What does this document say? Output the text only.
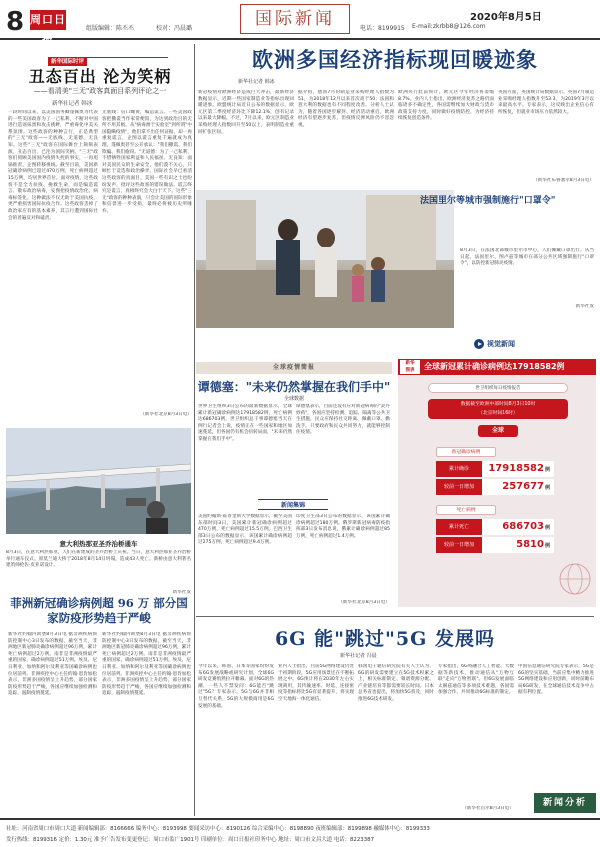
8 周口日报
组版编辑：陈丕丕	校对：冯晨璐	国际新闻	电话：8199915 E-mail:zkrbb8@126.com
2020年8月5日
新华国际时评
丑态百出 沦为笑柄
——看清美"三无"政客真面目系列评论之一
新华社记者 韩冰
一段时间以来，以美国国务卿蓬佩奥为代表的一些美国政客为了一己私利，不断对中国进行造谣抹黑和攻击挑衅，严重毒化中美关系氛围。这些政客的种种言行，正是典型的"三无"政客——无底线、无道德、无良知。这些"三无"政客在国际舞台上频频表演，丑态百出，已沦为国际笑柄。"三无"政客们罔顾美国国内疫情失控的事实，一再甩锅推责，企图转移视线。截至目前，美国新冠确诊病例已超过470万例，死亡病例超过15万例，均居世界首位。面对疫情，这些政客不是全力抗疫、挽救生命，而是编造谎言、散布政治病毒，妄图把疫情政治化、病毒标签化。这种做法不仅无助于美国抗疫，更严重损害国际抗疫合作。这些政客丢掉了政治家应有的基本素养，其言行遭到国际社会的普遍反对和谴责。
无底线：信口雌黄，编造谎言。一些美国政客把撒谎当作家常便饭，为达到政治目的无所不用其极。从"病毒源于实验室"到所谓"中国隐瞒疫情"，他们拿不出任何证据，却一再重复谎言，企图以谎言重复千遍就成为真理。蓬佩奥甚至公开承认："我们撒谎、我们欺骗、我们偷窃。"无道德：为了一己私利，不惜牺牲国家利益和人民福祉。无良知：面对美国民众的生命安全，他们漠不关心，只顾忙于竞选和政治操弄。国际社会早已看清这些政客的真面目。美国一些有识之士也纷纷发声，批评这些政客的错误做法。谎言终究是谎言，真相终究会大白于天下。这些"三无"政客的种种表演，只会让美国的国际形象和信誉进一步受损，最终必将被历史所唾弃。
（新华社北京8月3日电）
意大利热那亚圣乔治桥通车
8月3日，在意大利热那亚，人们在新建成的圣乔治桥上庆祝。当日，意大利热那亚圣乔治桥举行通车仪式。原莫兰迪大桥于2018年8月14日坍塌，造成43人死亡。新桥由意大利著名建筑师伦佐·皮亚诺设计。
新华社发
菲洲新冠确诊病例超 96 万 部分国家防疫形势趋于严峻
新华社约翰内斯堡8月3日电 据非洲疾病预防控制中心3日发布的数据，截至当天，非洲地区新冠肺炎确诊病例超过96万例，累计死亡病例超过2万例。南非是非洲疫情最严重的国家，确诊病例超过51万例。埃及、尼日利亚、加纳和阿尔及利亚等国确诊病例也位居前列。非洲疾控中心主任约翰·恩肯加松表示，非洲多国疫情呈上升趋势，部分国家防疫形势趋于严峻，各国应继续加强检测和追踪，遏制疫情蔓延。
新华社约翰内斯堡8月3日电 据非洲疾病预防控制中心3日发布的数据，截至当天，非洲地区新冠肺炎确诊病例超过96万例，累计死亡病例超过2万例。南非是非洲疫情最严重的国家，确诊病例超过51万例。埃及、尼日利亚、加纳和阿尔及利亚等国确诊病例也位居前列。非洲疾控中心主任约翰·恩肯加松表示，非洲多国疫情呈上升趋势，部分国家防疫形势趋于严峻，各国应继续加强检测和追踪，遏制疫情蔓延。
欧洲多国经济指标现回暖迹象
新华社记者 韩冰
新冠疫情对欧洲经济造成巨大冲击，最新经济数据显示，近期一些国家制造业等指标出现回暖迹象。欧盟统计局近日公布的数据显示，欧元区第二季度经济环比下降12.1%，创有记录以来最大降幅。不过，7月以来，欧元区制造业采购经理人指数回升至50以上，表明制造业重回扩张区间。
据介绍，德国7月份制造业采购经理人指数为51，为2018年12月以来首次高于50；法国和意大利的数据也有不同程度改善。分析人士认为，随着各国逐步解封、经济活动重启，欧洲经济有望逐步复苏，但疫情反弹风险仍不容忽视。
欧洲央行此前预计，欧元区今年经济将萎缩8.7%。业内人士指出，欧洲经济复苏之路仍面临诸多不确定性，各国需继续加大财政与货币政策支持力度，同时做好疫情防控，为经济持续恢复创造条件。
英国方面，英国统计局数据显示，英国7月制造业采购经理人指数升至53.3，为2019年3月以来最高水平。专家表示，这反映出企业信心有所恢复，但就业市场压力依然较大。
（新华社布鲁塞尔8月3日电）
法国里尔等城市强制施行"口罩令"
8月3日，在法国北部城市里尔市中心，人们佩戴口罩出行。从当日起，法国里尔、图卢兹等城市在部分公共区域强制施行"口罩令"，以防控新冠肺炎疫情。
新华社发
视觉新闻
全球疫情简报
谭德塞："未来仍然掌握在我们手中"
全球数据
世界卫生组织3日公布的最新数据显示，全球累计新冠确诊病例达17918582例，死亡病例达686703例。世卫组织总干事谭德塞当天在例行记者会上说，疫情正在一些国家和地区加速蔓延，但各国仍有机会扭转局面，"未来仍然掌握在我们手中"。
谭德塞表示，目前还没有应对新冠病毒的"灵丹妙药"，各国应坚持检测、追踪、隔离等公共卫生措施，民众应保持社交距离、佩戴口罩、勤洗手。只要政府和民众共同努力，就能够控制住疫情。
新闻集锦
美国约翰斯·霍普金斯大学数据显示，截至美国东部时间3日，美国累计新冠确诊病例超过470万例，死亡病例超过15.5万例。巴西卫生部3日公布的数据显示，该国累计确诊病例超过275万例，死亡病例超过9.4万例。
印度卫生部3日公布的数据显示，该国累计确诊病例超过180万例。俄罗斯新冠病毒防疫指挥部3日发布消息说，俄累计确诊病例超过85万例，死亡病例超过1.4万例。
（新华社北京8月3日电）
全球新冠累计确诊病例达17918582例
新华
图表
世卫组织每日疫情报告
数据截至欧洲中部时间8月3日10时
（北京时间16时）
全球
新冠确诊病例
累计确诊	17918582例
较前一日增加	257677例
死亡病例
累计死亡	686703例
较前一日增加	5810例
6G 能"跳过"5G 发展吗
新华社记者 冯晨
今年以来，韩国、日本等国家纷纷发布6G发展战略或研究计划，全球6G研发竞赛悄然拉开帷幕。面对6G的热潮，一些人不禁发问：6G能否"跳过"5G？专家表示，5G与6G并非相互替代关系，5G的大规模商用是6G发展的基础。
业内人士指出，目前5G网络建设仍处于初期阶段，5G应用场景还在不断拓展之中。6G预计将在2030年左右实现商用，其传输速率、时延、连接密度等指标将比5G有显著提升，将实现空天地海一体化通信。
韩国电子通信研究院有关人士认为，6G的研发需要建立在5G技术积累之上，相关标准制定、频谱资源分配、产业链培育等都需要较长时间。日本总务省也提出，将加快5G普及，同时推进6G技术研发。
专家指出，6G将融合人工智能、大数据等新技术，推动通信从"万物互联"走向"万物智联"。但6G发展面临太赫兹通信等多项技术难题，各国需加强合作，共同推动6G标准的制定。
中国信息通信研究院专家表示，5G是6G的坚实基础，当前应集中精力推进5G网络建设和应用创新，同时前瞻布局6G研发，在全球通信技术竞争中占据有利位置。
（新华社首尔8月3日电）
新闻分析
社址：河南省周口市周口大道 新闻编辑部：8166666 编务中心：8193998 要闻采访中心：8190126 综合采编中心：8198890 夜班编辑部：8199898 融媒体中心：8199333
发行热线：8199316 定价：1.30元 准予广告发布变更登记：周口市监广1901号 印刷单位：周口日报社印务中心 地址：周口市文昌大道 电话：8223387
